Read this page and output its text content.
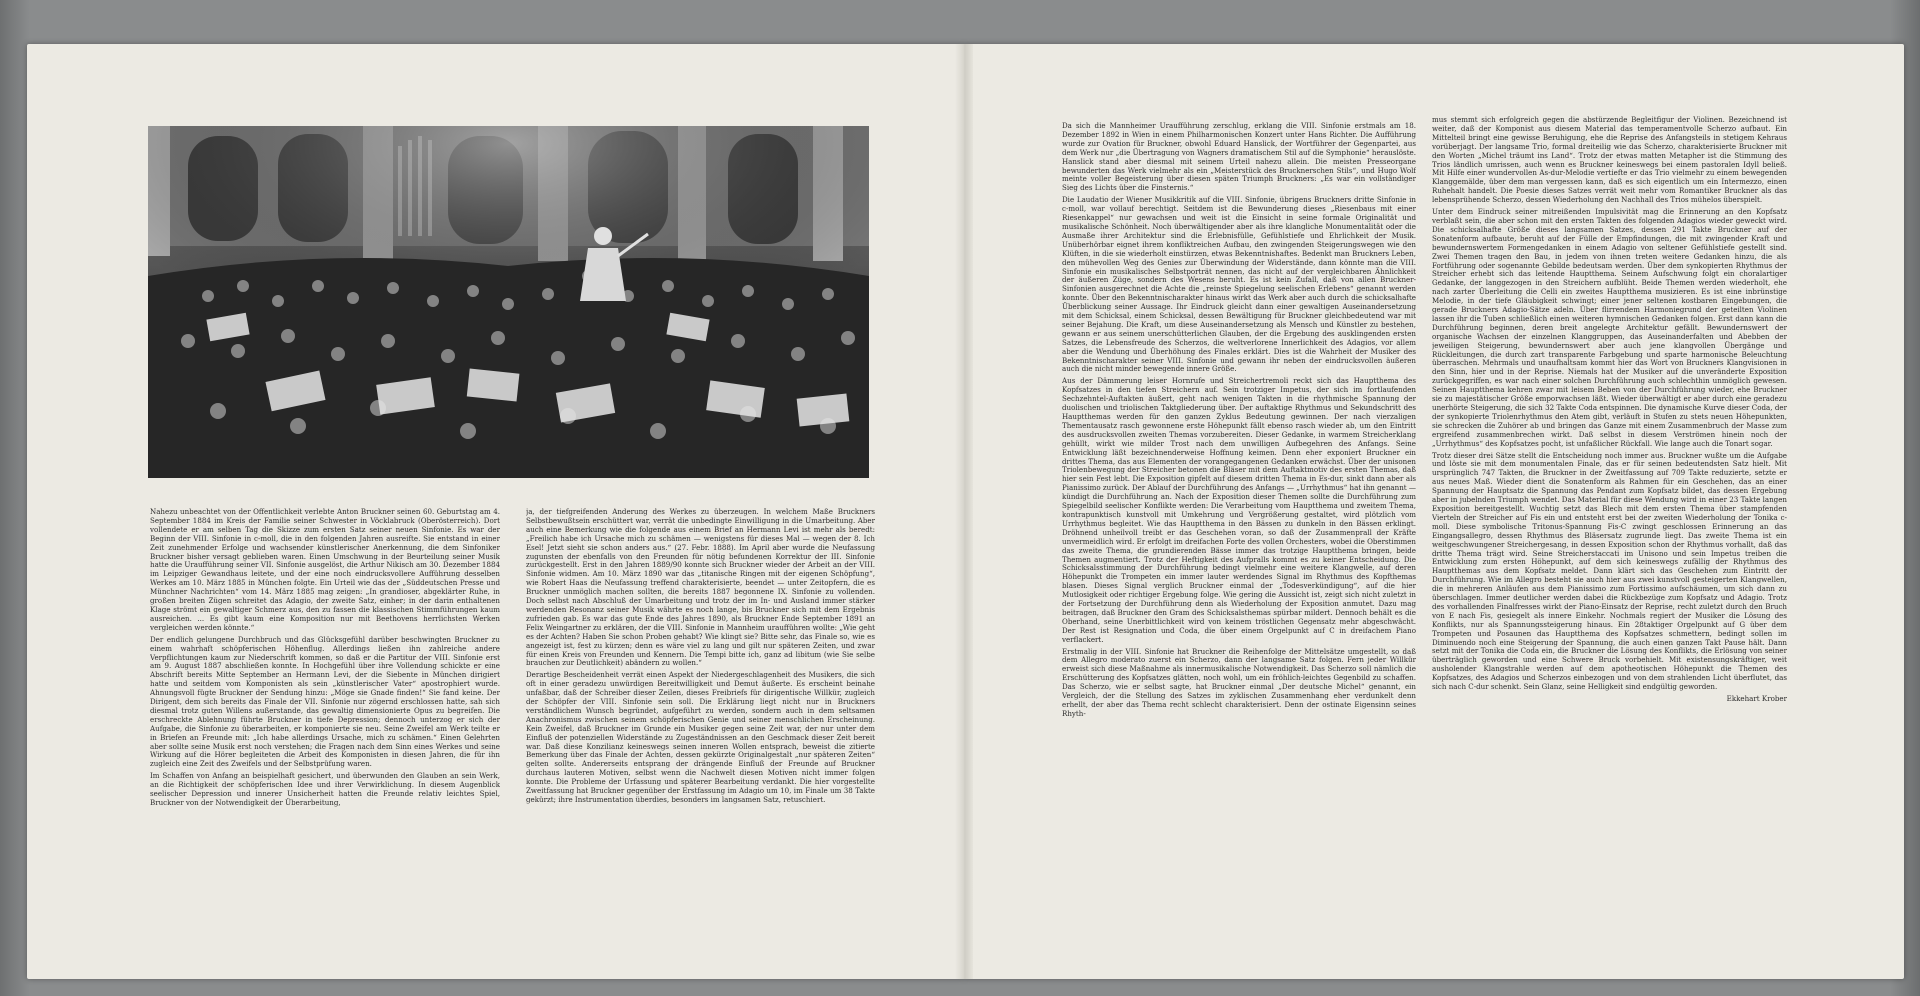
Nahezu unbeachtet von der Öffentlichkeit verlebte Anton Bruckner seinen 60. Geburtstag am 4. September 1884 im Kreis der Familie seiner Schwester in Vöcklabruck (Oberösterreich). Dort vollendete er am selben Tag die Skizze zum ersten Satz seiner neuen Sinfonie. Es war der Beginn der VIII. Sinfonie in c-moll, die in den folgenden Jahren ausreifte. Sie entstand in einer Zeit zunehmender Erfolge und wachsender künstlerischer Anerkennung, die dem Sinfoniker Bruckner bisher versagt geblieben waren. Einen Umschwung in der Beurteilung seiner Musik hatte die Uraufführung seiner VII. Sinfonie ausgelöst, die Arthur Nikisch am 30. Dezember 1884 im Leipziger Gewandhaus leitete, und der eine noch eindrucksvollere Aufführung desselben Werkes am 10. März 1885 in München folgte. Ein Urteil wie das der „Süddeutschen Presse und Münchner Nachrichten“ vom 14. März 1885 mag zeigen: „In grandioser, abgeklärter Ruhe, in großen breiten Zügen schreitet das Adagio, der zweite Satz, einher; in der darin enthaltenen Klage strömt ein gewaltiger Schmerz aus, den zu fassen die klassischen Stimmführungen kaum ausreichen. ... Es gibt kaum eine Komposition nur mit Beethovens herrlichsten Werken vergleichen werden könnte.“

Der endlich gelungene Durchbruch und das Glücksgefühl darüber beschwingten Bruckner zu einem wahrhaft schöpferischen Höhenflug. Allerdings ließen ihn zahlreiche andere Verpflichtungen kaum zur Niederschrift kommen, so daß er die Partitur der VIII. Sinfonie erst am 9. August 1887 abschließen konnte. In Hochgefühl über ihre Vollendung schickte er eine Abschrift bereits Mitte September an Hermann Levi, der die Siebente in München dirigiert hatte und seitdem vom Komponisten als sein „künstlerischer Vater“ apostrophiert wurde. Ahnungsvoll fügte Bruckner der Sendung hinzu: „Möge sie Gnade finden!“ Sie fand keine. Der Dirigent, dem sich bereits das Finale der VII. Sinfonie nur zögernd erschlossen hatte, sah sich diesmal trotz guten Willens außerstande, das gewaltig dimensionierte Opus zu begreifen. Die erschreckte Ablehnung führte Bruckner in tiefe Depression; dennoch unterzog er sich der Aufgabe, die Sinfonie zu überarbeiten, er komponierte sie neu. Seine Zweifel am Werk teilte er in Briefen an Freunde mit: „Ich habe allerdings Ursache, mich zu schämen.“ Einen Gelehrten aber sollte seine Musik erst noch verstehen; die Fragen nach dem Sinn eines Werkes und seine Wirkung auf die Hörer begleiteten die Arbeit des Komponisten in diesen Jahren, die für ihn zugleich eine Zeit des Zweifels und der Selbstprüfung waren.

Im Schaffen von Anfang an beispielhaft gesichert, und überwunden den Glauben an sein Werk, an die Richtigkeit der schöpferischen Idee und ihrer Verwirklichung. In diesem Augenblick seelischer Depression und innerer Unsicherheit hatten die Freunde relativ leichtes Spiel, Bruckner von der Notwendigkeit der Überarbeitung,

ja, der tiefgreifenden Änderung des Werkes zu überzeugen. In welchem Maße Bruckners Selbstbewußtsein erschüttert war, verrät die unbedingte Einwilligung in die Umarbeitung. Aber auch eine Bemerkung wie die folgende aus einem Brief an Hermann Levi ist mehr als beredt: „Freilich habe ich Ursache mich zu schämen — wenigstens für dieses Mal — wegen der 8. Ich Esel! Jetzt sieht sie schon anders aus.“ (27. Febr. 1888). Im April aber wurde die Neufassung zugunsten der ebenfalls von den Freunden für nötig befundenen Korrektur der III. Sinfonie zurückgestellt. Erst in den Jahren 1889/90 konnte sich Bruckner wieder der Arbeit an der VIII. Sinfonie widmen. Am 10. März 1890 war das „titanische Ringen mit der eigenen Schöpfung“, wie Robert Haas die Neufassung treffend charakterisierte, beendet — unter Zeitopfern, die es Bruckner unmöglich machen sollten, die bereits 1887 begonnene IX. Sinfonie zu vollenden. Doch selbst nach Abschluß der Umarbeitung und trotz der im In- und Ausland immer stärker werdenden Resonanz seiner Musik währte es noch lange, bis Bruckner sich mit dem Ergebnis zufrieden gab. Es war das gute Ende des Jahres 1890, als Bruckner Ende September 1891 an Felix Weingartner zu erklären, der die VIII. Sinfonie in Mannheim uraufführen wollte: „Wie geht es der Achten? Haben Sie schon Proben gehabt? Wie klingt sie? Bitte sehr, das Finale so, wie es angezeigt ist, fest zu kürzen; denn es wäre viel zu lang und gilt nur späteren Zeiten, und zwar für einen Kreis von Freunden und Kennern. Die Tempi bitte ich, ganz ad libitum (wie Sie selbe brauchen zur Deutlichkeit) abändern zu wollen.“

Derartige Bescheidenheit verrät einen Aspekt der Niedergeschlagenheit des Musikers, die sich oft in einer geradezu unwürdigen Bereitwilligkeit und Demut äußerte. Es erscheint beinahe unfaßbar, daß der Schreiber dieser Zeilen, dieses Freibriefs für dirigentische Willkür, zugleich der Schöpfer der VIII. Sinfonie sein soll. Die Erklärung liegt nicht nur in Bruckners verständlichem Wunsch begründet, aufgeführt zu werden, sondern auch in dem seltsamen Anachronismus zwischen seinem schöpferischen Genie und seiner menschlichen Erscheinung. Kein Zweifel, daß Bruckner im Grunde ein Musiker gegen seine Zeit war, der nur unter dem Einfluß der potenziellen Widerstände zu Zugeständnissen an den Geschmack dieser Zeit bereit war. Daß diese Konzilianz keineswegs seinen inneren Wollen entsprach, beweist die zitierte Bemerkung über das Finale der Achten, dessen gekürzte Originalgestalt „nur späteren Zeiten“ gelten sollte. Andererseits entsprang der drängende Einfluß der Freunde auf Bruckner durchaus lauteren Motiven, selbst wenn die Nachwelt diesen Motiven nicht immer folgen konnte. Die Probleme der Urfassung und späterer Bearbeitung verdankt. Die hier vorgestellte Zweitfassung hat Bruckner gegenüber der Erstfassung im Adagio um 10, im Finale um 38 Takte gekürzt; ihre Instrumentation überdies, besonders im langsamen Satz, retuschiert.

Da sich die Mannheimer Uraufführung zerschlug, erklang die VIII. Sinfonie erstmals am 18. Dezember 1892 in Wien in einem Philharmonischen Konzert unter Hans Richter. Die Aufführung wurde zur Ovation für Bruckner, obwohl Eduard Hanslick, der Wortführer der Gegenpartei, aus dem Werk nur „die Übertragung von Wagners dramatischem Stil auf die Symphonie“ herauslöste. Hanslick stand aber diesmal mit seinem Urteil nahezu allein. Die meisten Presseorgane bewunderten das Werk vielmehr als ein „Meisterstück des Brucknerschen Stils“, und Hugo Wolf meinte voller Begeisterung über diesen späten Triumph Bruckners: „Es war ein vollständiger Sieg des Lichts über die Finsternis.“

Die Laudatio der Wiener Musikkritik auf die VIII. Sinfonie, übrigens Bruckners dritte Sinfonie in c-moll, war vollauf berechtigt. Seitdem ist die Bewunderung dieses „Riesenbaus mit einer Riesenkappel“ nur gewachsen und weit ist die Einsicht in seine formale Originalität und musikalische Schönheit. Noch überwältigender aber als ihre klangliche Monumentalität oder die Ausmaße ihrer Architektur sind die Erlebnisfülle, Gefühlstiefe und Ehrlichkeit der Musik. Unüberhörbar eignet ihrem konfliktreichen Aufbau, den zwingenden Steigerungswegen wie den Klüften, in die sie wiederholt einstürzen, etwas Bekenntnishaftes. Bedenkt man Bruckners Leben, den mühevollen Weg des Genies zur Überwindung der Widerstände, dann könnte man die VIII. Sinfonie ein musikalisches Selbstporträt nennen, das nicht auf der vergleichbaren Ähnlichkeit der äußeren Züge, sondern des Wesens beruht. Es ist kein Zufall, daß von allen Bruckner-Sinfonien ausgerechnet die Achte die „reinste Spiegelung seelischen Erlebens“ genannt werden konnte. Über den Bekenntnischarakter hinaus wirkt das Werk aber auch durch die schicksalhafte Überblickung seiner Aussage. Ihr Eindruck gleicht dann einer gewaltigen Auseinandersetzung mit dem Schicksal, einem Schicksal, dessen Bewältigung für Bruckner gleichbedeutend war mit seiner Bejahung. Die Kraft, um diese Auseinandersetzung als Mensch und Künstler zu bestehen, gewann er aus seinem unerschütterlichen Glauben, der die Ergebung des ausklingenden ersten Satzes, die Lebensfreude des Scherzos, die weltverlorene Innerlichkeit des Adagios, vor allem aber die Wendung und Überhöhung des Finales erklärt. Dies ist die Wahrheit der Musiker des Bekenntnischarakter seiner VIII. Sinfonie und gewann ihr neben der eindrucksvollen äußeren auch die nicht minder bewegende innere Größe.

Aus der Dämmerung leiser Hornrufe und Streichertremoli reckt sich das Hauptthema des Kopfsatzes in den tiefen Streichern auf. Sein trotziger Impetus, der sich im fortlaufenden Sechzehntel-Auftakten äußert, geht nach wenigen Takten in die rhythmische Spannung der duolischen und triolischen Taktgliederung über. Der auftaktige Rhythmus und Sekundschritt des Hauptthemas werden für den ganzen Zyklus Bedeutung gewinnen. Der nach vierzaligen Thementausatz rasch gewonnene erste Höhepunkt fällt ebenso rasch wieder ab, um den Eintritt des ausdrucksvollen zweiten Themas vorzubereiten. Dieser Gedanke, in warmem Streicherklang gehüllt, wirkt wie milder Trost nach dem unwilligen Aufbegehren des Anfangs. Seine Entwicklung läßt bezeichnenderweise Hoffnung keimen. Denn eher exponiert Bruckner ein drittes Thema, das aus Elementen der vorangegangenen Gedanken erwächst. Über der unisonen Triolenbewegung der Streicher betonen die Bläser mit dem Auftaktmotiv des ersten Themas, daß hier sein Fest lebt. Die Exposition gipfelt auf diesem dritten Thema in Es-dur, sinkt dann aber als Pianissimo zurück. Der Ablauf der Durchführung des Anfangs — „Urrhythmus“ hat ihn genannt — kündigt die Durchführung an. Nach der Exposition dieser Themen sollte die Durchführung zum Spiegelbild seelischer Konflikte werden: Die Verarbeitung vom Hauptthema und zweitem Thema, kontrapunktisch kunstvoll mit Umkehrung und Vergrößerung gestaltet, wird plötzlich vom Urrhythmus begleitet. Wie das Hauptthema in den Bässen zu dunkeln in den Bässen erklingt. Dröhnend unheilvoll treibt er das Geschehen voran, so daß der Zusammenprall der Kräfte unvermeidlich wird. Er erfolgt im dreifachen Forte des vollen Orchesters, wobei die Oberstimmen das zweite Thema, die grundierenden Bässe immer das trotzige Hauptthema bringen, beide Themen augmentiert. Trotz der Heftigkeit des Aufpralls kommt es zu keiner Entscheidung. Die Schicksalsstimmung der Durchführung bedingt vielmehr eine weitere Klangwelle, auf deren Höhepunkt die Trompeten ein immer lauter werdendes Signal im Rhythmus des Kopfthemas blasen. Dieses Signal verglich Bruckner einmal der „Todesverkündigung“, auf die hier Mutlosigkeit oder richtiger Ergebung folge. Wie gering die Aussicht ist, zeigt sich nicht zuletzt in der Fortsetzung der Durchführung denn als Wiederholung der Exposition anmutet. Dazu mag beitragen, daß Bruckner den Gram des Schicksalsthemas spürbar mildert. Dennoch behält es die Oberhand, seine Unerbittlichkeit wird von keinem tröstlichen Gegensatz mehr abgeschwächt. Der Rest ist Resignation und Coda, die über einem Orgelpunkt auf C in dreifachem Piano verflackert.

Erstmalig in der VIII. Sinfonie hat Bruckner die Reihenfolge der Mittelsätze umgestellt, so daß dem Allegro moderato zuerst ein Scherzo, dann der langsame Satz folgen. Fern jeder Willkür erweist sich diese Maßnahme als innermusikalische Notwendigkeit. Das Scherzo soll nämlich die Erschütterung des Kopfsatzes glätten, noch wohl, um ein fröhlich-leichtes Gegenbild zu schaffen. Das Scherzo, wie er selbst sagte, hat Bruckner einmal „Der deutsche Michel“ genannt, ein Vergleich, der die Stellung des Satzes im zyklischen Zusammenhang eher verdunkelt denn erhellt, der aber das Thema recht schlecht charakterisiert. Denn der ostinate Eigensinn seines Rhyth-

mus stemmt sich erfolgreich gegen die abstürzende Begleitfigur der Violinen. Bezeichnend ist weiter, daß der Komponist aus diesem Material das temperamentvolle Scherzo aufbaut. Ein Mittelteil bringt eine gewisse Beruhigung, ehe die Reprise des Anfangsteils in stetigem Kehraus vorüberjagt. Der langsame Trio, formal dreiteilig wie das Scherzo, charakterisierte Bruckner mit den Worten „Michel träumt ins Land“. Trotz der etwas matten Metapher ist die Stimmung des Trios ländlich umrissen, auch wenn es Bruckner keineswegs bei einem pastoralen Idyll beließ. Mit Hilfe einer wundervollen As-dur-Melodie vertiefte er das Trio vielmehr zu einem bewegenden Klanggemälde, über dem man vergessen kann, daß es sich eigentlich um ein Intermezzo, einen Ruhehalt handelt. Die Poesie dieses Satzes verrät weit mehr vom Romantiker Bruckner als das lebensprühende Scherzo, dessen Wiederholung den Nachhall des Trios mühelos überspielt.

Unter dem Eindruck seiner mitreißenden Impulsivität mag die Erinnerung an den Kopfsatz verblaßt sein, die aber schon mit den ersten Takten des folgenden Adagios wieder geweckt wird. Die schicksalhafte Größe dieses langsamen Satzes, dessen 291 Takte Bruckner auf der Sonatenform aufbaute, beruht auf der Fülle der Empfindungen, die mit zwingender Kraft und bewundernswertem Formengedanken in einem Adagio von seltener Gefühlstiefe gestellt sind. Zwei Themen tragen den Bau, in jedem von ihnen treten weitere Gedanken hinzu, die als Fortführung oder sogenannte Gebilde bedeutsam werden. Über dem synkopierten Rhythmus der Streicher erhebt sich das leitende Hauptthema. Seinem Aufschwung folgt ein choralartiger Gedanke, der langgezogen in den Streichern aufblüht. Beide Themen werden wiederholt, ehe nach zarter Überleitung die Celli ein zweites Hauptthema musizieren. Es ist eine inbrünstige Melodie, in der tiefe Gläubigkeit schwingt; einer jener seltenen kostbaren Eingebungen, die gerade Bruckners Adagio-Sätze adeln. Über flirrendem Harmoniegrund der geteilten Violinen lassen ihr die Tuben schließlich einen weiteren hymnischen Gedanken folgen. Erst dann kann die Durchführung beginnen, deren breit angelegte Architektur gefällt. Bewundernswert der organische Wachsen der einzelnen Klanggruppen, das Auseinanderfalten und Abebben der jeweiligen Steigerung, bewundernswert aber auch jene klangvollen Übergänge und Rückleitungen, die durch zart transparente Farbgebung und sparte harmonische Beleuchtung überraschen. Mehrmals und unaufhaltsam kommt hier das Wort von Bruckners Klangvisionen in den Sinn, hier und in der Reprise. Niemals hat der Musiker auf die unveränderte Exposition zurückgegriffen, es war nach einer solchen Durchführung auch schlechthin unmöglich gewesen. Seinen Hauptthema kehren zwar mit leisem Beben von der Durchführung wieder, ehe Bruckner sie zu majestätischer Größe emporwachsen läßt. Wieder überwältigt er aber durch eine geradezu unerhörte Steigerung, die sich 32 Takte Coda entspinnen. Die dynamische Kurve dieser Coda, der der synkopierte Triolenrhythmus den Atem gibt, verläuft in Stufen zu stets neuen Höhepunkten, sie schrecken die Zuhörer ab und bringen das Ganze mit einem Zusammenbruch der Masse zum ergreifend zusammenbrechen wirkt. Daß selbst in diesem Verströmen hinein noch der „Urrhythmus“ des Kopfsatzes pocht, ist unfaßlicher Rückfall. Wie lange auch die Tonart sogar.

Trotz dieser drei Sätze stellt die Entscheidung noch immer aus. Bruckner wußte um die Aufgabe und löste sie mit dem monumentalen Finale, das er für seinen bedeutendsten Satz hielt. Mit ursprünglich 747 Takten, die Bruckner in der Zweitfassung auf 709 Takte reduzierte, setzte er aus neues Maß. Wieder dient die Sonatenform als Rahmen für ein Geschehen, das an einer Spannung der Hauptsatz die Spannung das Pendant zum Kopfsatz bildet, das dessen Ergebung aber in jubelnden Triumph wendet. Das Material für diese Wendung wird in einer 23 Takte langen Exposition bereitgestellt. Wuchtig setzt das Blech mit dem ersten Thema über stampfenden Vierteln der Streicher auf Fis ein und entsteht erst bei der zweiten Wiederholung der Tonika c-moll. Diese symbolische Tritonus-Spannung Fis-C zwingt geschlossen Erinnerung an das Eingangsallegro, dessen Rhythmus des Bläsersatz zugrunde liegt. Das zweite Thema ist ein weitgeschwungener Streichergesang, in dessen Exposition schon der Rhythmus vorhallt, daß das dritte Thema trägt wird. Seine Streicherstaccati im Unisono und sein Impetus treiben die Entwicklung zum ersten Höhepunkt, auf dem sich keineswegs zufällig der Rhythmus des Hauptthemas aus dem Kopfsatz meldet. Dann klärt sich das Geschehen zum Eintritt der Durchführung. Wie im Allegro besteht sie auch hier aus zwei kunstvoll gesteigerten Klangwellen, die in mehreren Anläufen aus dem Pianissimo zum Fortissimo aufschäumen, um sich dann zu überschlagen. Immer deutlicher werden dabei die Rückbezüge zum Kopfsatz und Adagio. Trotz des vorhallenden Finalfresses wirkt der Piano-Einsatz der Reprise, recht zuletzt durch den Bruch von E nach Fis, gesiegelt als innere Einkehr. Nochmals regiert der Musiker die Lösung des Konflikts, nur als Spannungssteigerung hinaus. Ein 28taktiger Orgelpunkt auf G über dem Trompeten und Posaunen das Hauptthema des Kopfsatzes schmettern, bedingt sollen im Diminuendo noch eine Steigerung der Spannung, die auch einen ganzen Takt Pause hält. Dann setzt mit der Tonika die Coda ein, die Bruckner die Lösung des Konflikts, die Erlösung von seiner überträglich geworden und eine Schwere Bruck vorbehielt. Mit existensungskräftiger, weit ausholender Klangstrahle werden auf dem apotheotischen Höhepunkt die Themen des Kopfsatzes, des Adagios und Scherzos einbezogen und von dem strahlenden Licht überflutet, das sich nach C-dur schenkt. Sein Glanz, seine Helligkeit sind endgültig geworden.

Ekkehart Krober
